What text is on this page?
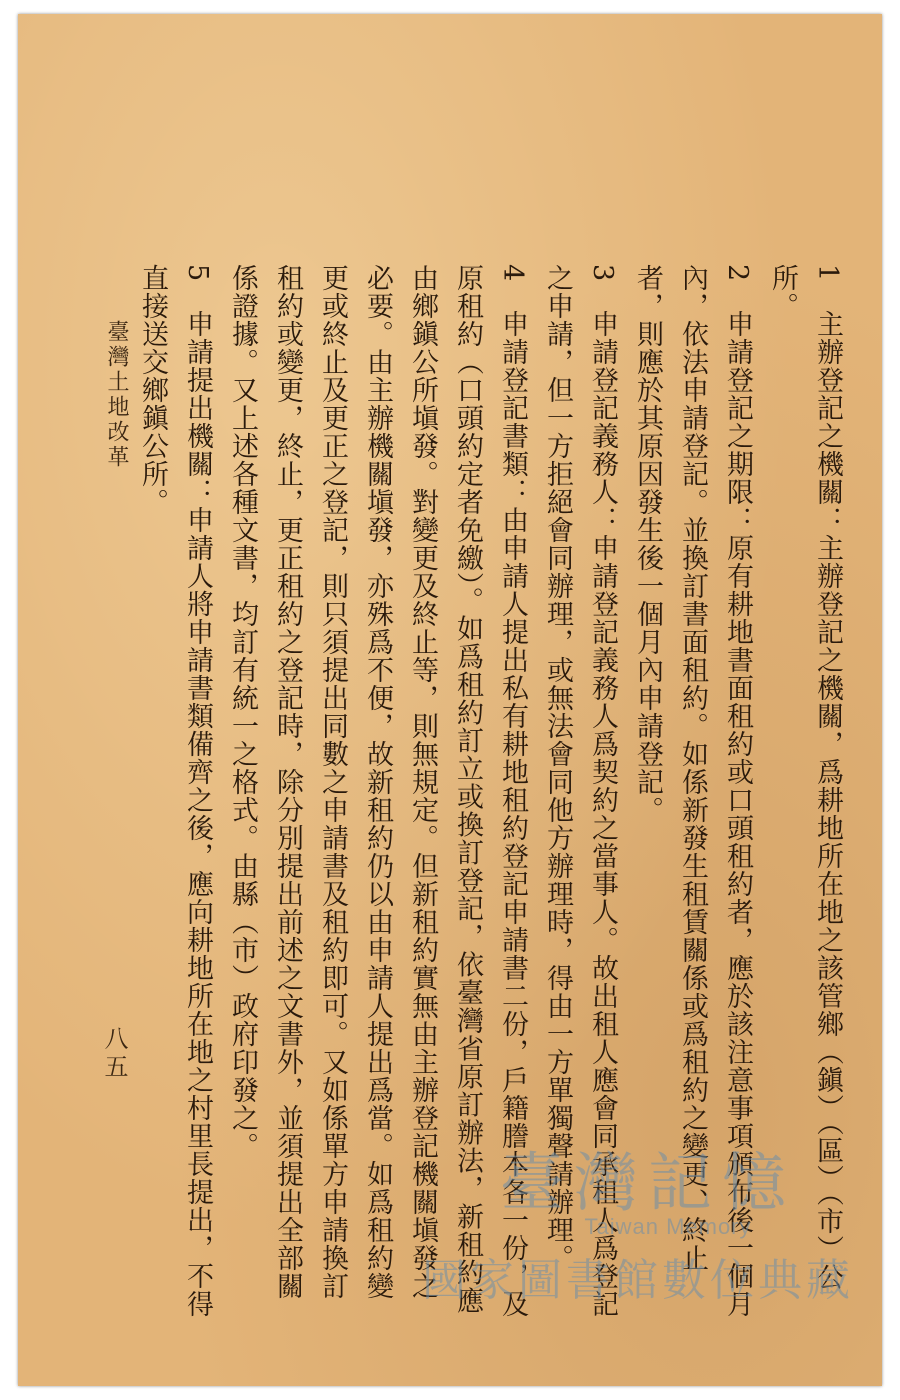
1　主辦登記之機關：主辦登記之機關，爲耕地所在地之該管鄉（鎭）（區）（市）公所。

2　申請登記之期限：原有耕地書面租約或口頭租約者，應於該注意事項頒布後一個月內，依法申請登記。並換訂書面租約。如係新發生租賃關係或爲租約之變更、終止者，則應於其原因發生後一個月內申請登記。

3　申請登記義務人：申請登記義務人爲契約之當事人。故出租人應會同承租人爲登記之申請，但一方拒絕會同辦理，或無法會同他方辦理時，得由一方單獨聲請辦理。

4　申請登記書類：由申請人提出私有耕地租約登記申請書二份，戶籍謄本各一份，及原租約（口頭約定者免繳）。如爲租約訂立或換訂登記，依臺灣省原訂辦法，新租約應由鄉鎭公所塡發。對變更及終止等，則無規定。但新租約實無由主辦登記機關塡發之必要。由主辦機關塡發，亦殊爲不便，故新租約仍以由申請人提出爲當。如爲租約變更或終止及更正之登記，則只須提出同數之申請書及租約即可。又如係單方申請換訂租約或變更，終止，更正租約之登記時，除分別提出前述之文書外，並須提出全部關係證據。又上述各種文書，均訂有統一之格式。由縣（市）政府印發之。

5　申請提出機關：申請人將申請書類備齊之後，應向耕地所在地之村里長提出，不得直接送交鄉鎭公所。

臺灣土地改革
八五
臺灣記憶
Taiwan Memory
國家圖書館數位典藏
